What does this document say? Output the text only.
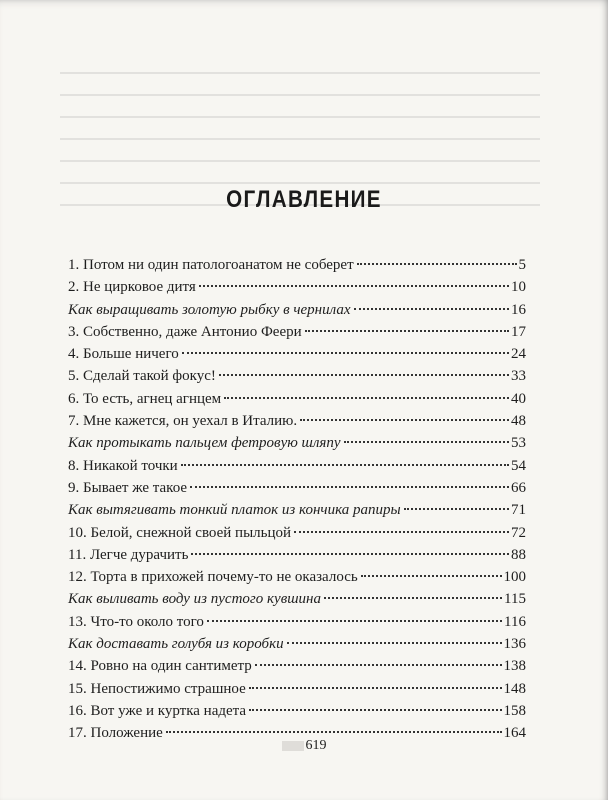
ОГЛАВЛЕНИЕ
1. Потом ни один патологоанатом не соберет	5
2. Не цирковое дитя	10
Как выращивать золотую рыбку в чернилах	16
3. Собственно, даже Антонио Феери	17
4. Больше ничего	24
5. Сделай такой фокус!	33
6. То есть, агнец агнцем	40
7. Мне кажется, он уехал в Италию.	48
Как протыкать пальцем фетровую шляпу	53
8. Никакой точки	54
9. Бывает же такое	66
Как вытягивать тонкий платок из кончика рапиры	71
10. Белой, снежной своей пыльцой	72
11. Легче дурачить	88
12. Торта в прихожей почему-то не оказалось	100
Как выливать воду из пустого кувшина	115
13. Что-то около того	116
Как доставать голубя из коробки	136
14. Ровно на один сантиметр	138
15. Непостижимо страшное	148
16. Вот уже и куртка надета	158
17. Положение	164
619
